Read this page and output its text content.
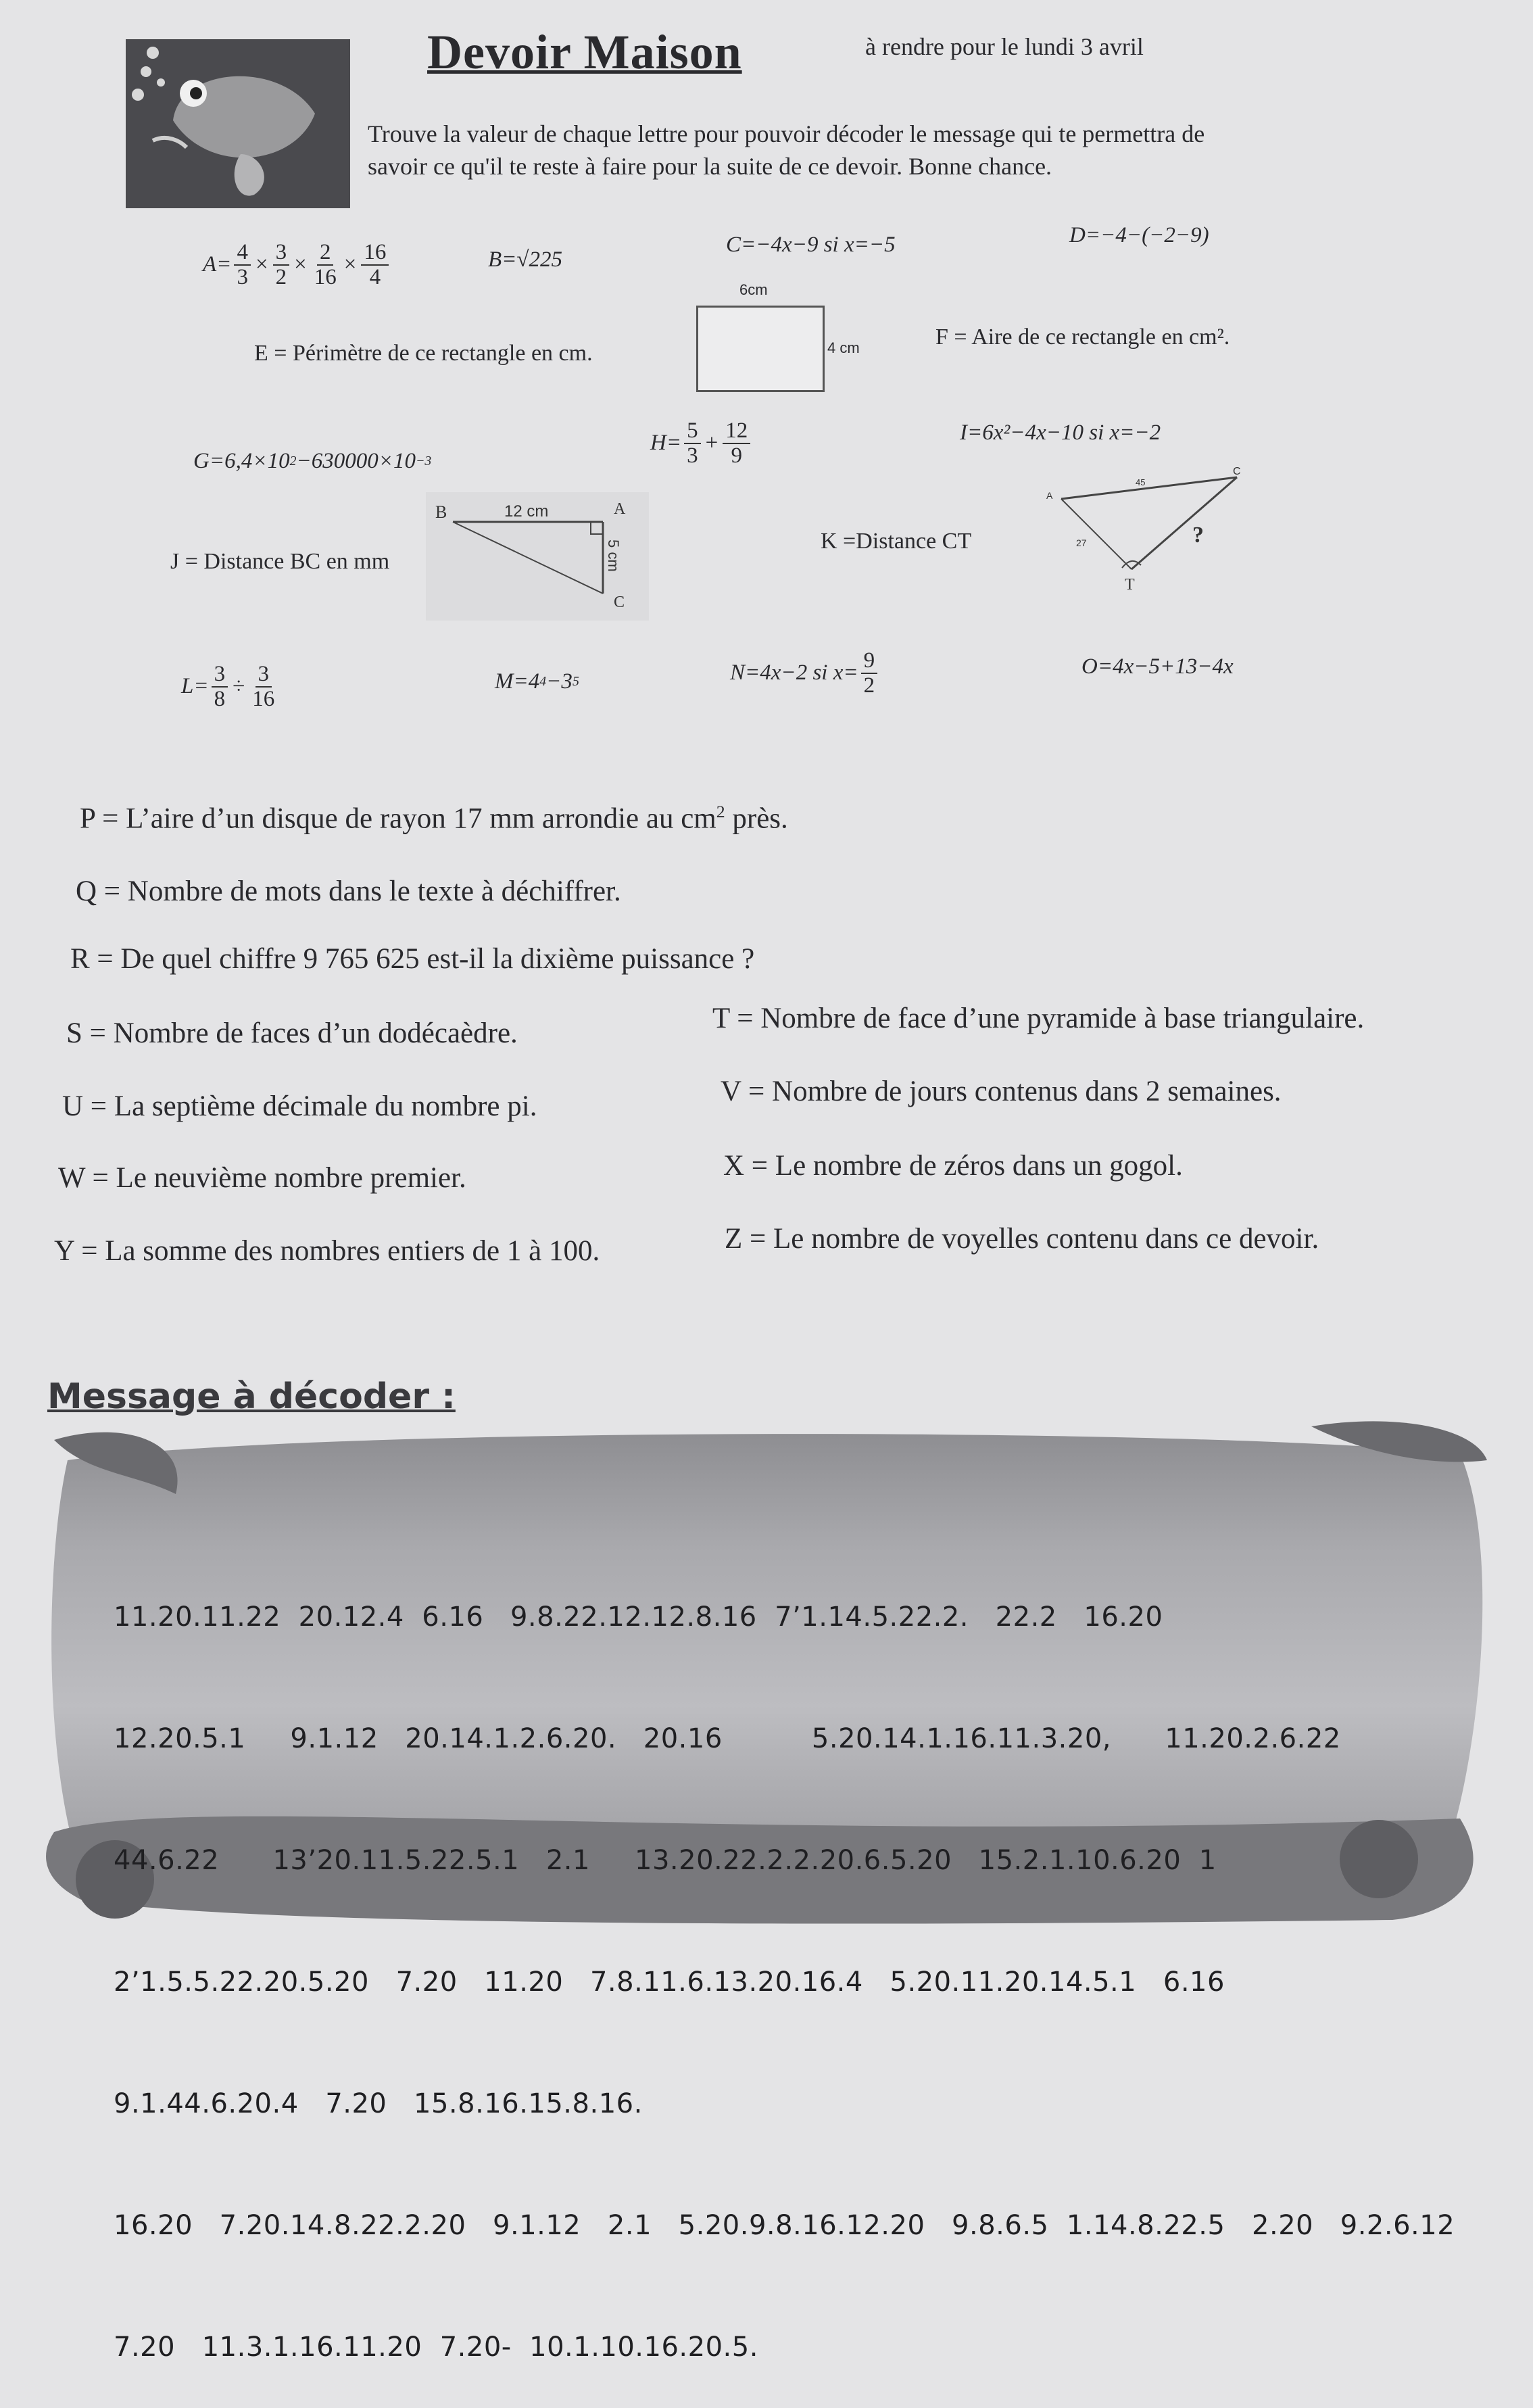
Devoir Maison	à rendre pour le lundi 3 avril
Trouve la valeur de chaque lettre pour pouvoir décoder le message qui te permettra de
savoir ce qu'il te reste à faire pour la suite de ce devoir. Bonne chance.
$A= \frac{4}{3} \times \frac{3}{2} \times \frac{2}{16} \times \frac{16}{4}$	B=√225
C=−4x−9 si x=−5	D=−4−(−2−9)
E = Périmètre de ce rectangle en cm.
6cm
4 cm	F = Aire de ce rectangle en cm².
G=6,4×10 2 −630000×10 −3
$H= \frac{5}{3} + \frac{12}{9}$	I=6x²−4x−10 si x=−2
J = Distance BC en mm
B	A
C
12 cm
5 cm	K =Distance CT
A
C
T
45
27	?
$L= \frac{3}{8} \div \frac{3}{16}$	M=4 4 −3 5	N=4x−2 si $x= \frac{9}{2}$	O=4x−5+13−4x
P = L’aire d’un disque de rayon 17 mm arrondie au $cm^2$ près.
Q = Nombre de mots dans le texte à déchiffrer.
R = De quel chiffre 9 765 625 est-il la dixième puissance ?
S = Nombre de faces d’un dodécaèdre.	T = Nombre de face d’une pyramide à base triangulaire.
U = La septième décimale du nombre pi.	V = Nombre de jours contenus dans 2 semaines.
W = Le neuvième nombre premier.	X = Le nombre de zéros dans un gogol.
Y = La somme des nombres entiers de 1 à 100.	Z = Le nombre de voyelles contenu dans ce devoir.
Message à décoder :

11.20.11.22  20.12.4  6.16   9.8.22.12.12.8.16  7’1.14.5.22.2.   22.2   16.20

12.20.5.1     9.1.12   20.14.1.2.6.20.   20.16          5.20.14.1.16.11.3.20,      11.20.2.6.22

44.6.22      13’20.11.5.22.5.1   2.1     13.20.22.2.2.20.6.5.20   15.2.1.10.6.20  1

2’1.5.5.22.20.5.20   7.20   11.20   7.8.11.6.13.20.16.4   5.20.11.20.14.5.1   6.16

9.1.44.6.20.4   7.20   15.8.16.15.8.16.

16.20   7.20.14.8.22.2.20   9.1.12   2.1   5.20.9.8.16.12.20   9.8.6.5  1.14.8.22.5   2.20   9.2.6.12

7.20   11.3.1.16.11.20  7.20‑  10.1.10.16.20.5.
